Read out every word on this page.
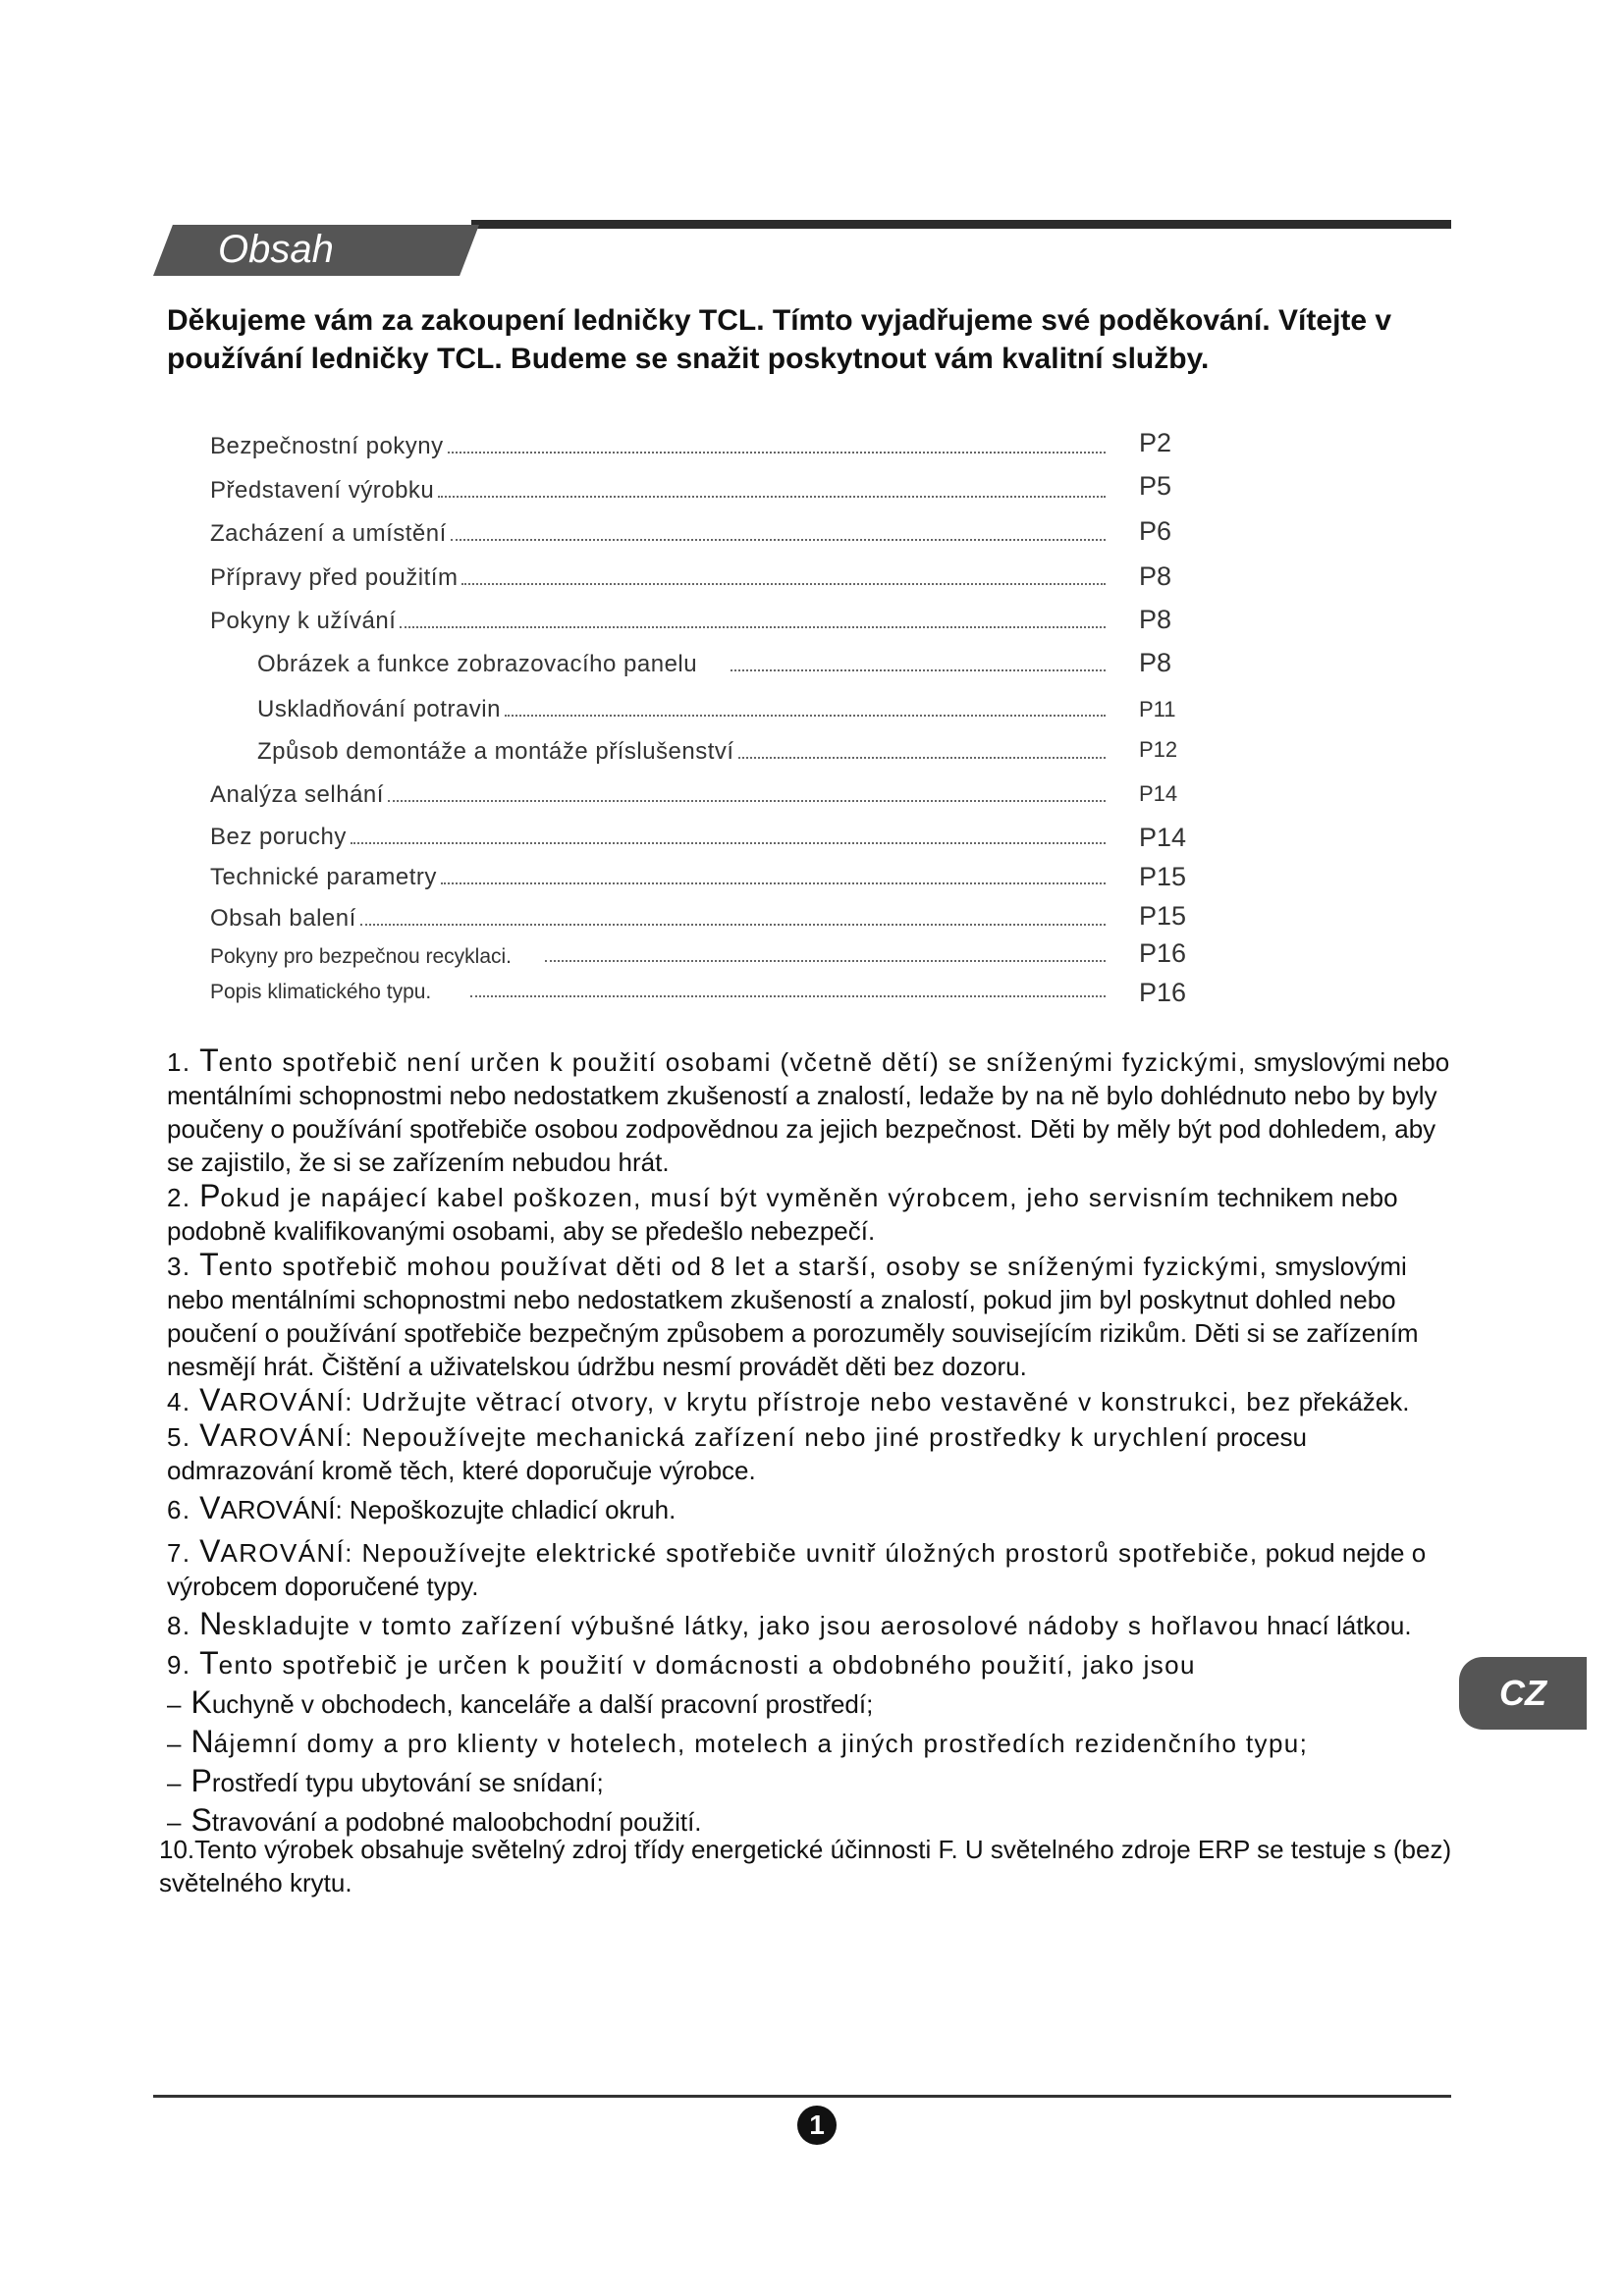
Obsah
Děkujeme vám za zakoupení ledničky TCL. Tímto vyjadřujeme své poděkování. Vítejte v používání ledničky TCL. Budeme se snažit poskytnout vám kvalitní služby.
Bezpečnostní pokyny	P2
Představení výrobku	P5
Zacházení a umístění	P6
Přípravy před použitím	P8
Pokyny k užívání	P8
Obrázek a funkce zobrazovacího panelu	P8
Uskladňování potravin	P11
Způsob demontáže a montáže příslušenství	P12
Analýza selhání	P14
Bez poruchy	P14
Technické parametry	P15
Obsah balení	P15
Pokyny pro bezpečnou recyklaci.	P16
Popis klimatického typu.	P16

1. Tento spotřebič není určen k použití osobami (včetně dětí) se sníženými fyzickými, smyslovými nebo mentálními schopnostmi nebo nedostatkem zkušeností a znalostí, ledaže by na ně bylo dohlédnuto nebo by byly poučeny o používání spotřebiče osobou zodpovědnou za jejich bezpečnost. Děti by měly být pod dohledem, aby se zajistilo, že si se zařízením nebudou hrát.

2. Pokud je napájecí kabel poškozen, musí být vyměněn výrobcem, jeho servisním technikem nebo podobně kvalifikovanými osobami, aby se předešlo nebezpečí.

3. Tento spotřebič mohou používat děti od 8 let a starší, osoby se sníženými fyzickými, smyslovými nebo mentálními schopnostmi nebo nedostatkem zkušeností a znalostí, pokud jim byl poskytnut dohled nebo poučení o používání spotřebiče bezpečným způsobem a porozuměly souvisejícím rizikům. Děti si se zařízením nesmějí hrát. Čištění a uživatelskou údržbu nesmí provádět děti bez dozoru.

4. VAROVÁNÍ: Udržujte větrací otvory, v krytu přístroje nebo vestavěné v konstrukci, bez překážek.

5. VAROVÁNÍ: Nepoužívejte mechanická zařízení nebo jiné prostředky k urychlení procesu odmrazování kromě těch, které doporučuje výrobce.

6. VAROVÁNÍ: Nepoškozujte chladicí okruh.

7. VAROVÁNÍ: Nepoužívejte elektrické spotřebiče uvnitř úložných prostorů spotřebiče, pokud nejde o výrobcem doporučené typy.

8. Neskladujte v tomto zařízení výbušné látky, jako jsou aerosolové nádoby s hořlavou hnací látkou.

9. Tento spotřebič je určen k použití v domácnosti a obdobného použití, jako jsou

– Kuchyně v obchodech, kanceláře a další pracovní prostředí;

– Nájemní domy a pro klienty v hotelech, motelech a jiných prostředích rezidenčního typu;

– Prostředí typu ubytování se snídaní;

– Stravování a podobné maloobchodní použití.

10.Tento výrobek obsahuje světelný zdroj třídy energetické účinnosti F. U světelného zdroje ERP se testuje s (bez) světelného krytu.

CZ
1
